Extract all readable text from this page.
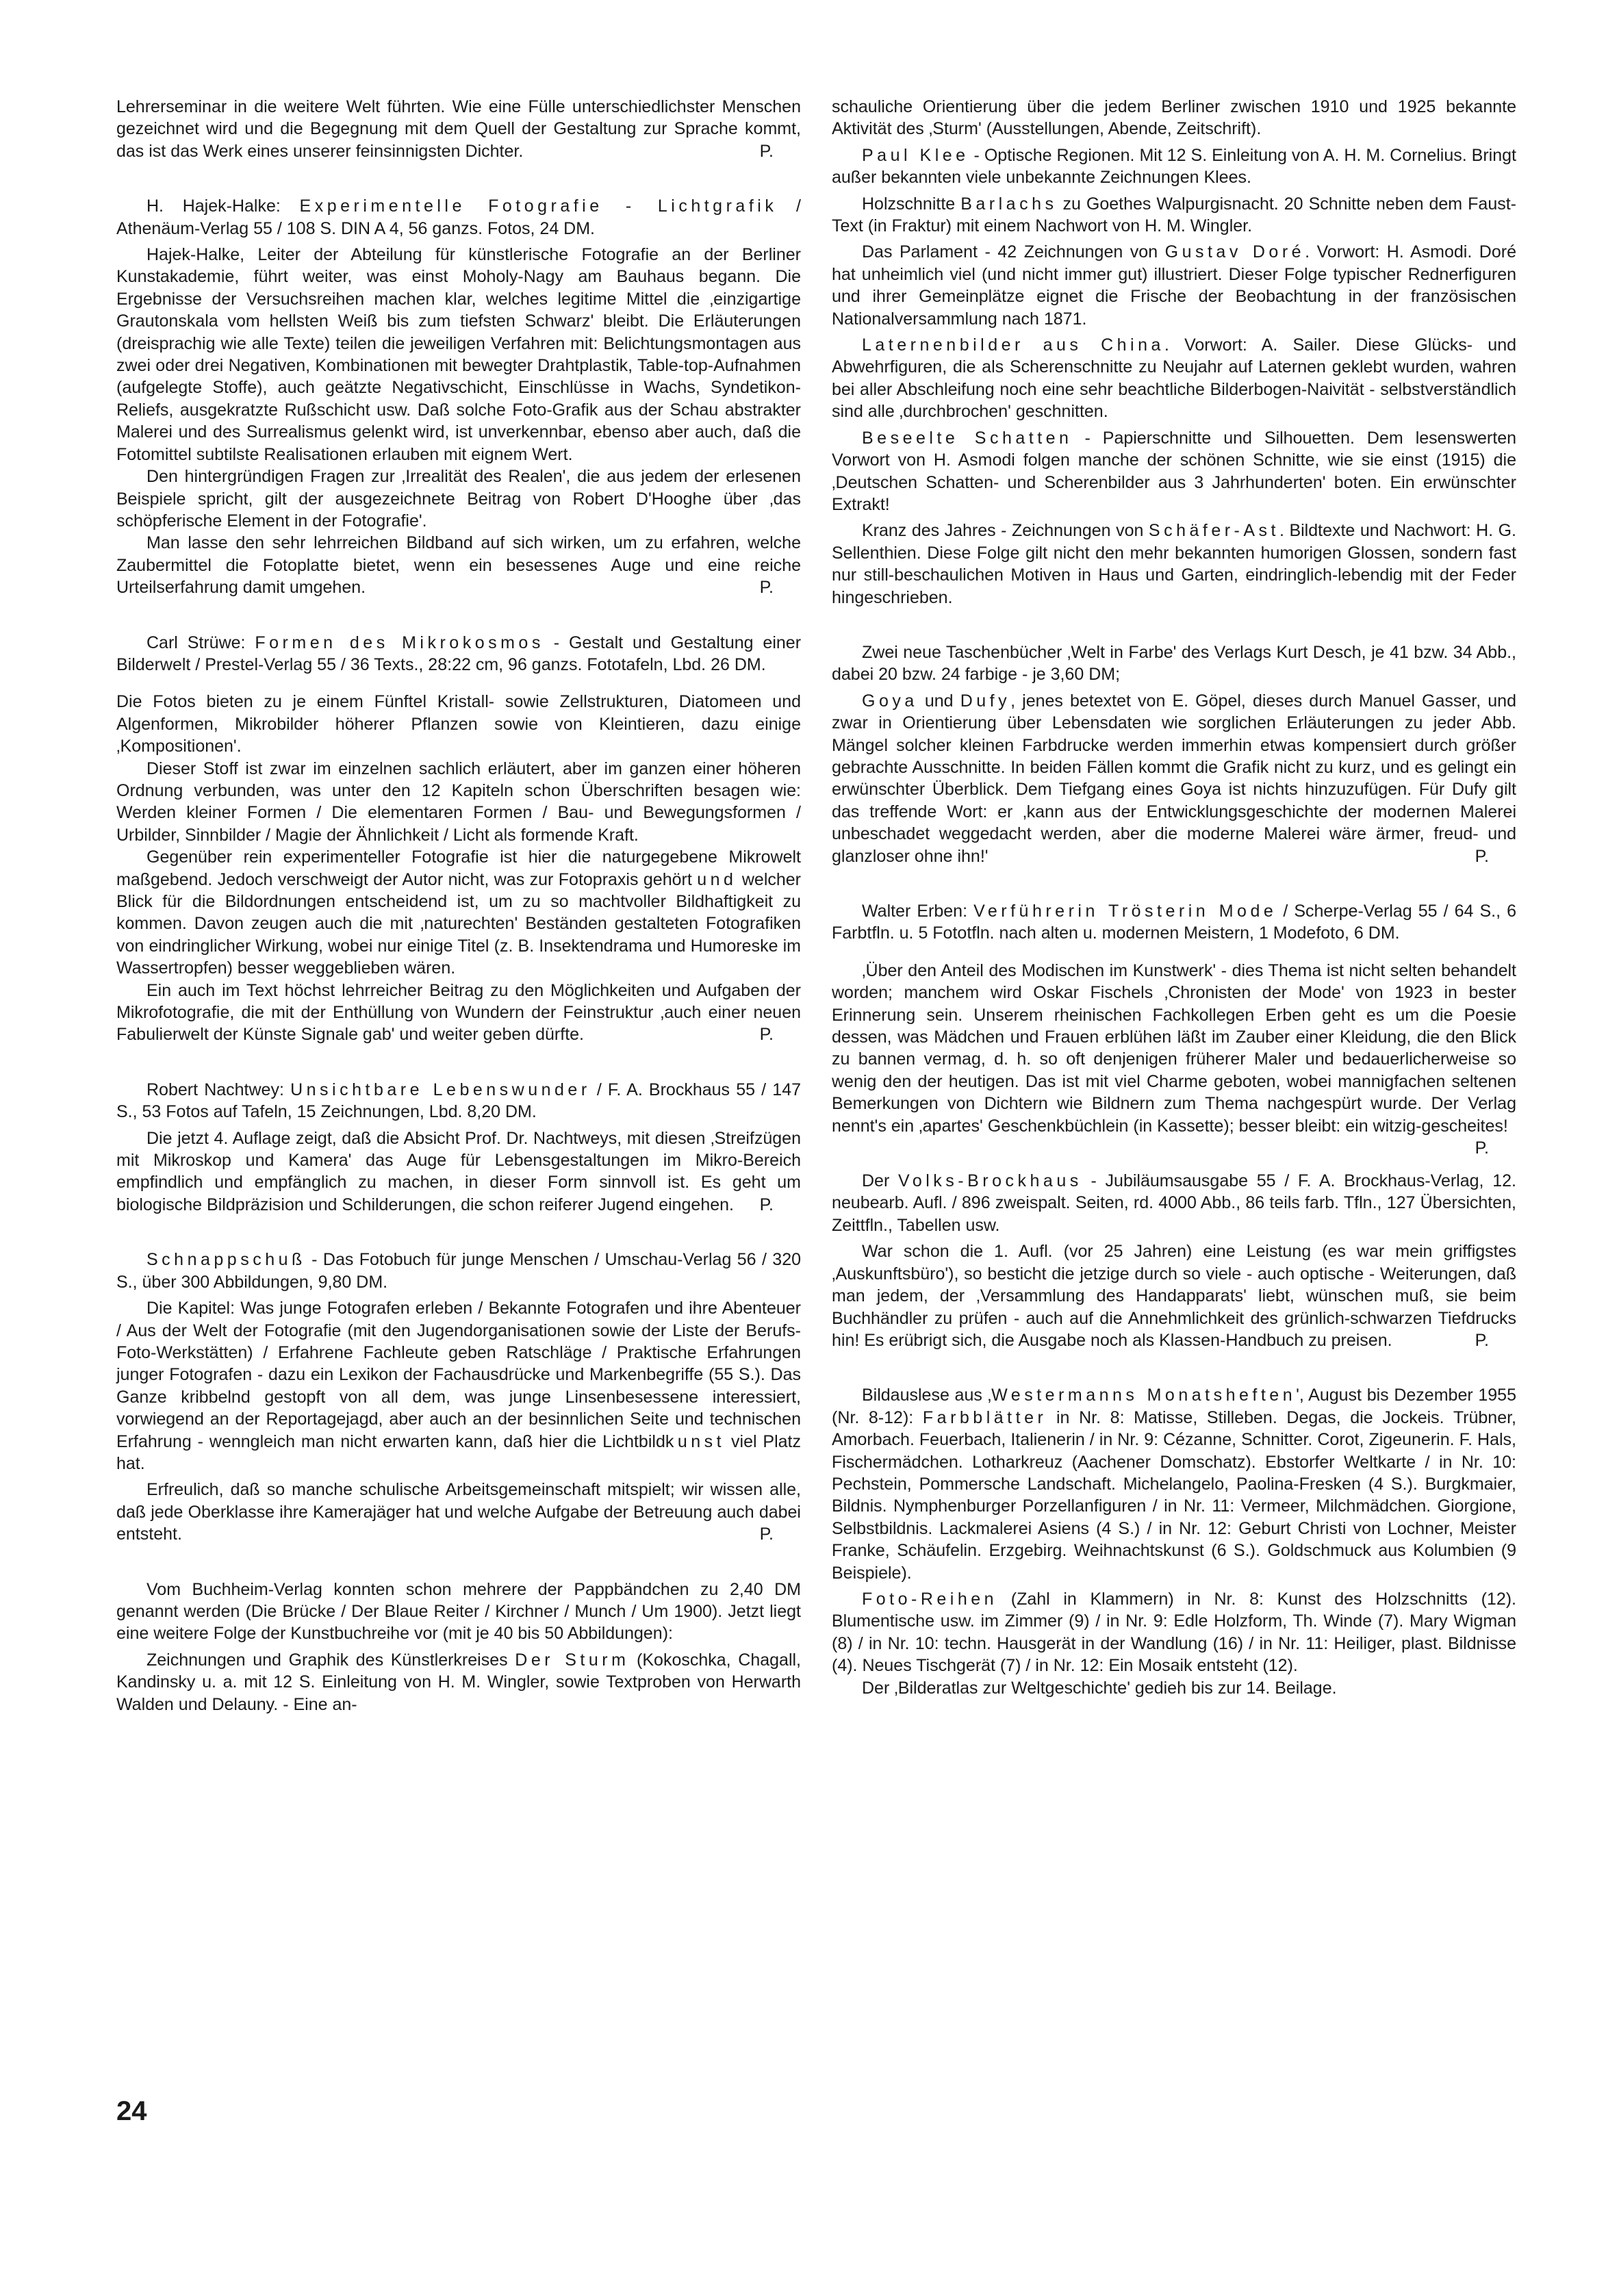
Lehrerseminar in die weitere Welt führten. Wie eine Fülle unterschiedlichster Menschen gezeichnet wird und die Begegnung mit dem Quell der Gestaltung zur Sprache kommt, das ist das Werk eines unserer feinsinnigsten Dichter.	P.

H. Hajek-Halke: Experimentelle Fotografie - Lichtgrafik / Athenäum-Verlag 55 / 108 S. DIN A 4, 56 ganzs. Fotos, 24 DM.

Hajek-Halke, Leiter der Abteilung für künstlerische Fotografie an der Berliner Kunstakademie, führt weiter, was einst Moholy-Nagy am Bauhaus begann. Die Ergebnisse der Versuchsreihen machen klar, welches legitime Mittel die ‚einzigartige Grautonskala vom hellsten Weiß bis zum tiefsten Schwarz' bleibt. Die Erläuterungen (dreisprachig wie alle Texte) teilen die jeweiligen Verfahren mit: Belichtungsmontagen aus zwei oder drei Negativen, Kombinationen mit bewegter Drahtplastik, Table-top-Aufnahmen (aufgelegte Stoffe), auch geätzte Negativschicht, Einschlüsse in Wachs, Syndetikon-Reliefs, ausgekratzte Rußschicht usw. Daß solche Foto-Grafik aus der Schau abstrakter Malerei und des Surrealismus gelenkt wird, ist unverkennbar, ebenso aber auch, daß die Fotomittel subtilste Realisationen erlauben mit eignem Wert.

Den hintergründigen Fragen zur ‚Irrealität des Realen', die aus jedem der erlesenen Beispiele spricht, gilt der ausgezeichnete Beitrag von Robert D'Hooghe über ‚das schöpferische Element in der Fotografie'.

Man lasse den sehr lehrreichen Bildband auf sich wirken, um zu erfahren, welche Zaubermittel die Fotoplatte bietet, wenn ein besessenes Auge und eine reiche Urteilserfahrung damit umgehen.	P.

Carl Strüwe: Formen des Mikrokosmos - Gestalt und Gestaltung einer Bilderwelt / Prestel-Verlag 55 / 36 Texts., 28:22 cm, 96 ganzs. Fototafeln, Lbd. 26 DM.

Die Fotos bieten zu je einem Fünftel Kristall- sowie Zellstrukturen, Diatomeen und Algenformen, Mikrobilder höherer Pflanzen sowie von Kleintieren, dazu einige ‚Kompositionen'.

Dieser Stoff ist zwar im einzelnen sachlich erläutert, aber im ganzen einer höheren Ordnung verbunden, was unter den 12 Kapiteln schon Überschriften besagen wie: Werden kleiner Formen / Die elementaren Formen / Bau- und Bewegungsformen / Urbilder, Sinnbilder / Magie der Ähnlichkeit / Licht als formende Kraft.

Gegenüber rein experimenteller Fotografie ist hier die naturgegebene Mikrowelt maßgebend. Jedoch verschweigt der Autor nicht, was zur Fotopraxis gehört und welcher Blick für die Bildordnungen entscheidend ist, um zu so machtvoller Bildhaftigkeit zu kommen. Davon zeugen auch die mit ‚naturechten' Beständen gestalteten Fotografiken von eindringlicher Wirkung, wobei nur einige Titel (z. B. Insektendrama und Humoreske im Wassertropfen) besser weggeblieben wären.

Ein auch im Text höchst lehrreicher Beitrag zu den Möglichkeiten und Aufgaben der Mikrofotografie, die mit der Enthüllung von Wundern der Feinstruktur ‚auch einer neuen Fabulierwelt der Künste Signale gab' und weiter geben dürfte.	P.

Robert Nachtwey: Unsichtbare Lebenswunder / F. A. Brockhaus 55 / 147 S., 53 Fotos auf Tafeln, 15 Zeichnungen, Lbd. 8,20 DM.

Die jetzt 4. Auflage zeigt, daß die Absicht Prof. Dr. Nachtweys, mit diesen ‚Streifzügen mit Mikroskop und Kamera' das Auge für Lebensgestaltungen im Mikro-Bereich empfindlich und empfänglich zu machen, in dieser Form sinnvoll ist. Es geht um biologische Bildpräzision und Schilderungen, die schon reiferer Jugend eingehen. P.

Schnappschuß - Das Fotobuch für junge Menschen / Umschau-Verlag 56 / 320 S., über 300 Abbildungen, 9,80 DM.

Die Kapitel: Was junge Fotografen erleben / Bekannte Fotografen und ihre Abenteuer / Aus der Welt der Fotografie (mit den Jugendorganisationen sowie der Liste der Berufs-Foto-Werkstätten) / Erfahrene Fachleute geben Ratschläge / Praktische Erfahrungen junger Fotografen - dazu ein Lexikon der Fachausdrücke und Markenbegriffe (55 S.). Das Ganze kribbelnd gestopft von all dem, was junge Linsenbesessene interessiert, vorwiegend an der Reportagejagd, aber auch an der besinnlichen Seite und technischen Erfahrung - wenngleich man nicht erwarten kann, daß hier die Lichtbildkunst viel Platz hat.

Erfreulich, daß so manche schulische Arbeitsgemeinschaft mitspielt; wir wissen alle, daß jede Oberklasse ihre Kamerajäger hat und welche Aufgabe der Betreuung auch dabei entsteht.	P.

Vom Buchheim-Verlag konnten schon mehrere der Pappbändchen zu 2,40 DM genannt werden (Die Brücke / Der Blaue Reiter / Kirchner / Munch / Um 1900). Jetzt liegt eine weitere Folge der Kunstbuchreihe vor (mit je 40 bis 50 Abbildungen):

Zeichnungen und Graphik des Künstlerkreises Der Sturm (Kokoschka, Chagall, Kandinsky u. a. mit 12 S. Einleitung von H. M. Wingler, sowie Textproben von Herwarth Walden und Delauny. - Eine an-

schauliche Orientierung über die jedem Berliner zwischen 1910 und 1925 bekannte Aktivität des ‚Sturm' (Ausstellungen, Abende, Zeitschrift).

Paul Klee - Optische Regionen. Mit 12 S. Einleitung von A. H. M. Cornelius. Bringt außer bekannten viele unbekannte Zeichnungen Klees.

Holzschnitte Barlachs zu Goethes Walpurgisnacht. 20 Schnitte neben dem Faust-Text (in Fraktur) mit einem Nachwort von H. M. Wingler.

Das Parlament - 42 Zeichnungen von Gustav Doré. Vorwort: H. Asmodi. Doré hat unheimlich viel (und nicht immer gut) illustriert. Dieser Folge typischer Rednerfiguren und ihrer Gemeinplätze eignet die Frische der Beobachtung in der französischen Nationalversammlung nach 1871.

Laternenbilder aus China. Vorwort: A. Sailer. Diese Glücks- und Abwehrfiguren, die als Scherenschnitte zu Neujahr auf Laternen geklebt wurden, wahren bei aller Abschleifung noch eine sehr beachtliche Bilderbogen-Naivität - selbstverständlich sind alle ‚durchbrochen' geschnitten.

Beseelte Schatten - Papierschnitte und Silhouetten. Dem lesenswerten Vorwort von H. Asmodi folgen manche der schönen Schnitte, wie sie einst (1915) die ‚Deutschen Schatten- und Scherenbilder aus 3 Jahrhunderten' boten. Ein erwünschter Extrakt!

Kranz des Jahres - Zeichnungen von Schäfer-Ast. Bildtexte und Nachwort: H. G. Sellenthien. Diese Folge gilt nicht den mehr bekannten humorigen Glossen, sondern fast nur still-beschaulichen Motiven in Haus und Garten, eindringlich-lebendig mit der Feder hingeschrieben.

Zwei neue Taschenbücher ‚Welt in Farbe' des Verlags Kurt Desch, je 41 bzw. 34 Abb., dabei 20 bzw. 24 farbige - je 3,60 DM;

Goya und Dufy, jenes betextet von E. Göpel, dieses durch Manuel Gasser, und zwar in Orientierung über Lebensdaten wie sorglichen Erläuterungen zu jeder Abb. Mängel solcher kleinen Farbdrucke werden immerhin etwas kompensiert durch größer gebrachte Ausschnitte. In beiden Fällen kommt die Grafik nicht zu kurz, und es gelingt ein erwünschter Überblick. Dem Tiefgang eines Goya ist nichts hinzuzufügen. Für Dufy gilt das treffende Wort: er ‚kann aus der Entwicklungsgeschichte der modernen Malerei unbeschadet weggedacht werden, aber die moderne Malerei wäre ärmer, freud- und glanzloser ohne ihn!'	P.

Walter Erben: Verführerin Trösterin Mode / Scherpe-Verlag 55 / 64 S., 6 Farbtfln. u. 5 Fototfln. nach alten u. modernen Meistern, 1 Modefoto, 6 DM.

‚Über den Anteil des Modischen im Kunstwerk' - dies Thema ist nicht selten behandelt worden; manchem wird Oskar Fischels ‚Chronisten der Mode' von 1923 in bester Erinnerung sein. Unserem rheinischen Fachkollegen Erben geht es um die Poesie dessen, was Mädchen und Frauen erblühen läßt im Zauber einer Kleidung, die den Blick zu bannen vermag, d. h. so oft denjenigen früherer Maler und bedauerlicherweise so wenig den der heutigen. Das ist mit viel Charme geboten, wobei mannigfachen seltenen Bemerkungen von Dichtern wie Bildnern zum Thema nachgespürt wurde. Der Verlag nennt's ein ‚apartes' Geschenkbüchlein (in Kassette); besser bleibt: ein witzig-gescheites!
P.

Der Volks-Brockhaus - Jubiläumsausgabe 55 / F. A. Brockhaus-Verlag, 12. neubearb. Aufl. / 896 zweispalt. Seiten, rd. 4000 Abb., 86 teils farb. Tfln., 127 Übersichten, Zeittfln., Tabellen usw.

War schon die 1. Aufl. (vor 25 Jahren) eine Leistung (es war mein griffigstes ‚Auskunftsbüro'), so besticht die jetzige durch so viele - auch optische - Weiterungen, daß man jedem, der ‚Versammlung des Handapparats' liebt, wünschen muß, sie beim Buchhändler zu prüfen - auch auf die Annehmlichkeit des grünlich-schwarzen Tiefdrucks hin! Es erübrigt sich, die Ausgabe noch als Klassen-Handbuch zu preisen.	P.

Bildauslese aus ‚Westermanns Monatsheften', August bis Dezember 1955 (Nr. 8-12): Farbblätter in Nr. 8: Matisse, Stilleben. Degas, die Jockeis. Trübner, Amorbach. Feuerbach, Italienerin / in Nr. 9: Cézanne, Schnitter. Corot, Zigeunerin. F. Hals, Fischermädchen. Lotharkreuz (Aachener Domschatz). Ebstorfer Weltkarte / in Nr. 10: Pechstein, Pommersche Landschaft. Michelangelo, Paolina-Fresken (4 S.). Burgkmaier, Bildnis. Nymphenburger Porzellanfiguren / in Nr. 11: Vermeer, Milchmädchen. Giorgione, Selbstbildnis. Lackmalerei Asiens (4 S.) / in Nr. 12: Geburt Christi von Lochner, Meister Franke, Schäufelin. Erzgebirg. Weihnachtskunst (6 S.). Goldschmuck aus Kolumbien (9 Beispiele).

Foto-Reihen (Zahl in Klammern) in Nr. 8: Kunst des Holzschnitts (12). Blumentische usw. im Zimmer (9) / in Nr. 9: Edle Holzform, Th. Winde (7). Mary Wigman (8) / in Nr. 10: techn. Hausgerät in der Wandlung (16) / in Nr. 11: Heiliger, plast. Bildnisse (4). Neues Tischgerät (7) / in Nr. 12: Ein Mosaik entsteht (12).

Der ‚Bilderatlas zur Weltgeschichte' gedieh bis zur 14. Beilage.

24
